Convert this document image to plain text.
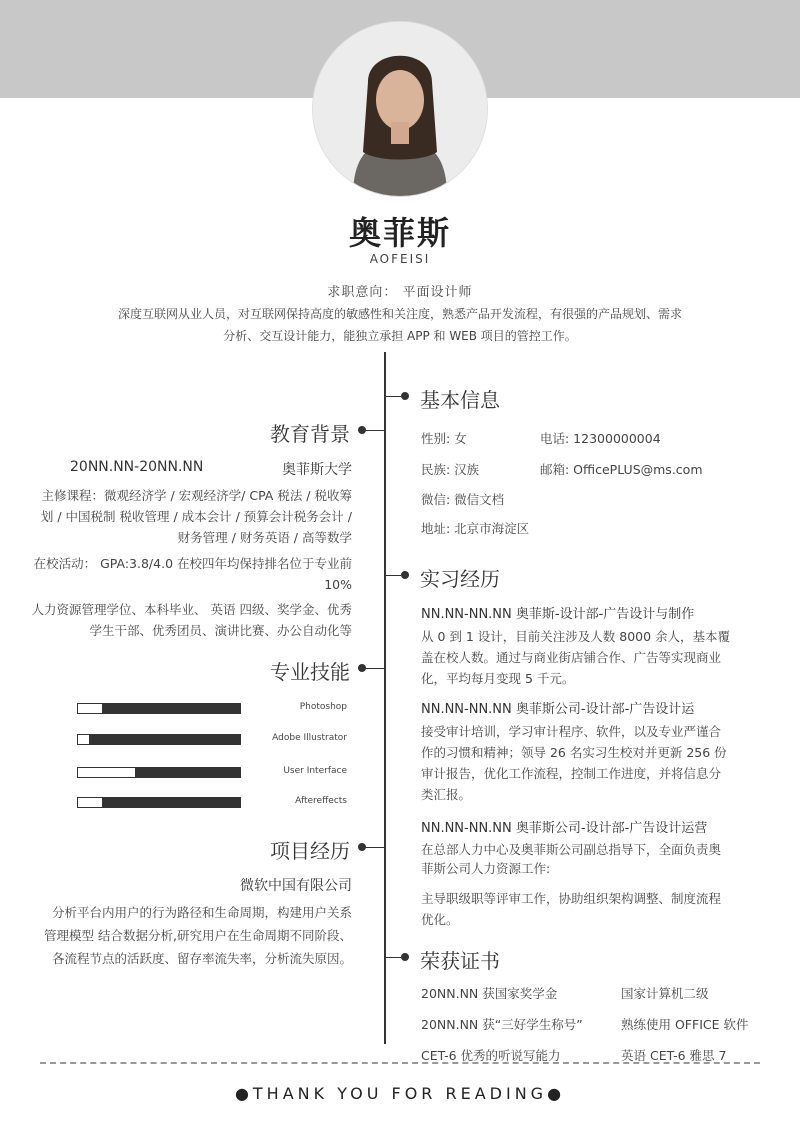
奥菲斯
AOFEISI
求职意向： 平面设计师
深度互联网从业人员，对互联网保持高度的敏感性和关注度，熟悉产品开发流程，有很强的产品规划、需求分析、交互设计能力，能独立承担 APP 和 WEB 项目的管控工作。
教育背景
20NN.NN-20NN.NN	奥菲斯大学
主修课程：微观经济学 / 宏观经济学/ CPA 税法 / 税收筹划 / 中国税制 税收管理 / 成本会计 / 预算会计税务会计 / 财务管理 / 财务英语 / 高等数学
在校活动： GPA:3.8/4.0 在校四年均保持排名位于专业前 10%
人力资源管理学位、本科毕业、 英语 四级、奖学金、优秀学生干部、优秀团员、演讲比赛、办公自动化等
专业技能
Photoshop
Adobe Illustrator
User Interface
Aftereffects
项目经历
微软中国有限公司
分析平台内用户的行为路径和生命周期，构建用户关系管理模型 结合数据分析,研究用户在生命周期不同阶段、各流程节点的活跃度、留存率流失率，分析流失原因。
基本信息
性别: 女	电话: 12300000004
民族: 汉族	邮箱: OfficePLUS@ms.com
微信: 微信文档
地址: 北京市海淀区
实习经历
NN.NN-NN.NN 奥菲斯-设计部-广告设计与制作
从 0 到 1 设计，目前关注涉及人数 8000 余人，基本覆盖在校人数。通过与商业街店铺合作、广告等实现商业化，平均每月变现 5 千元。
NN.NN-NN.NN 奥菲斯公司-设计部-广告设计运
接受审计培训，学习审计程序、软件，以及专业严谨合作的习惯和精神；领导 26 名实习生校对并更新 256 份审计报告，优化工作流程，控制工作进度，并将信息分类汇报。
NN.NN-NN.NN 奥菲斯公司-设计部-广告设计运营
在总部人力中心及奥菲斯公司副总指导下，全面负责奥菲斯公司人力资源工作:
主导职级职等评审工作，协助组织架构调整、制度流程优化。
荣获证书
20NN.NN 获国家奖学金	国家计算机二级
20NN.NN 获“三好学生称号”	熟练使用 OFFICE 软件
CET-6 优秀的听说写能力	英语 CET-6 雅思 7
●THANK YOU FOR READING●
